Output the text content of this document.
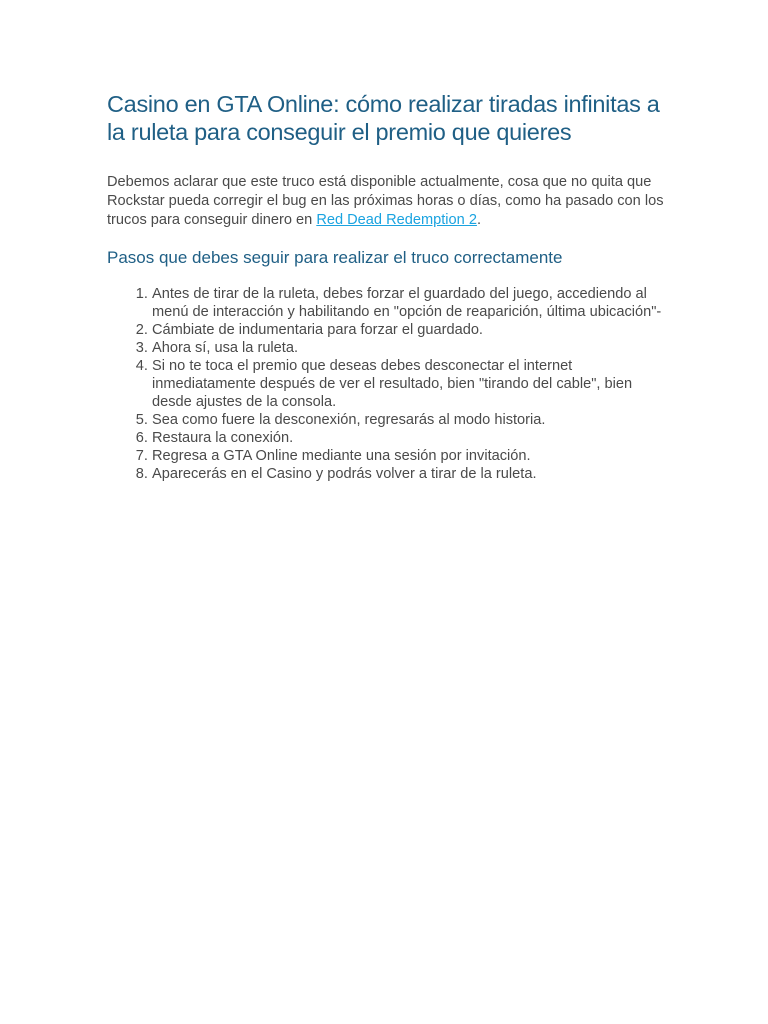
Casino en GTA Online: cómo realizar tiradas infinitas a la ruleta para conseguir el premio que quieres

Debemos aclarar que este truco está disponible actualmente, cosa que no quita que Rockstar pueda corregir el bug en las próximas horas o días, como ha pasado con los trucos para conseguir dinero en Red Dead Redemption 2.

Pasos que debes seguir para realizar el truco correctamente
1. Antes de tirar de la ruleta, debes forzar el guardado del juego, accediendo al menú de interacción y habilitando en "opción de reaparición, última ubicación"-
2. Cámbiate de indumentaria para forzar el guardado.
3. Ahora sí, usa la ruleta.
4. Si no te toca el premio que deseas debes desconectar el internet inmediatamente después de ver el resultado, bien "tirando del cable", bien desde ajustes de la consola.
5. Sea como fuere la desconexión, regresarás al modo historia.
6. Restaura la conexión.
7. Regresa a GTA Online mediante una sesión por invitación.
8. Aparecerás en el Casino y podrás volver a tirar de la ruleta.
